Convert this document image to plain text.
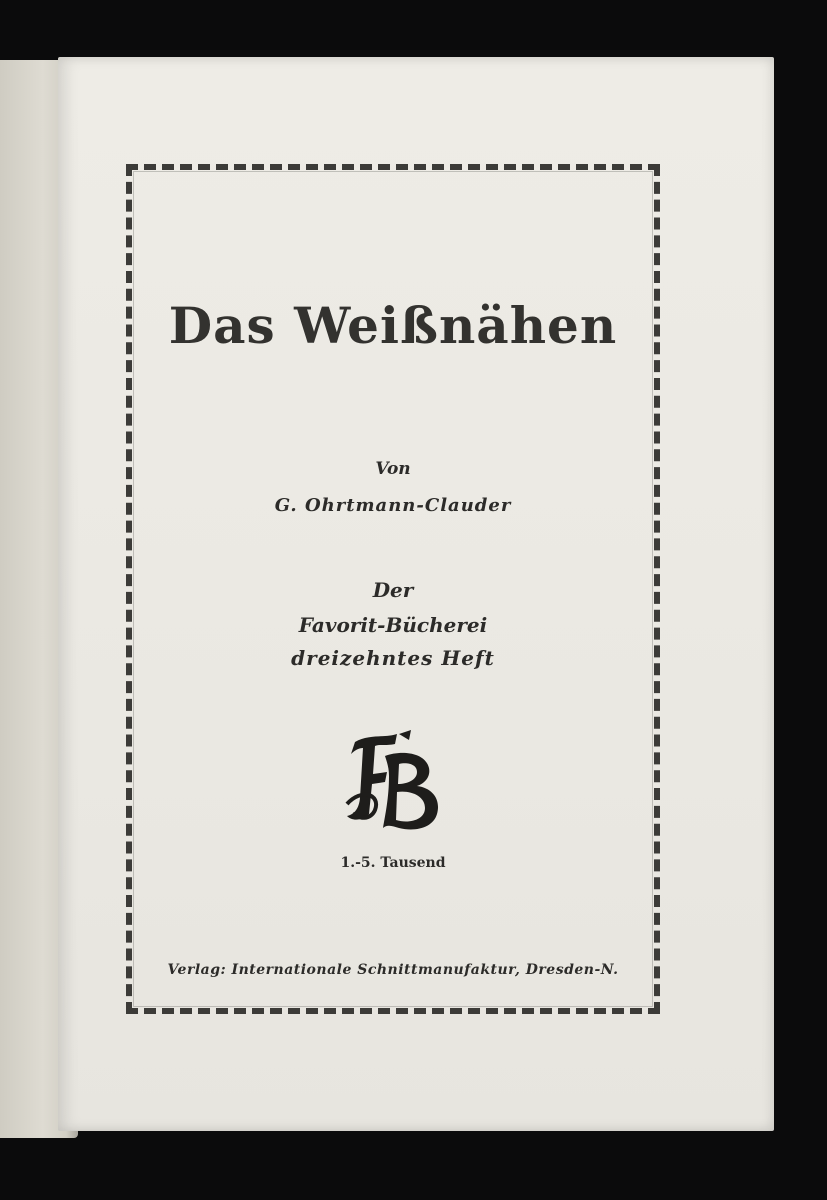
Das Weißnähen

Von

G. Ohrtmann-Clauder

Der

Favorit-Bücherei

dreizehntes Heft

1.-5. Tausend

Verlag: Internationale Schnittmanufaktur, Dresden-N.
